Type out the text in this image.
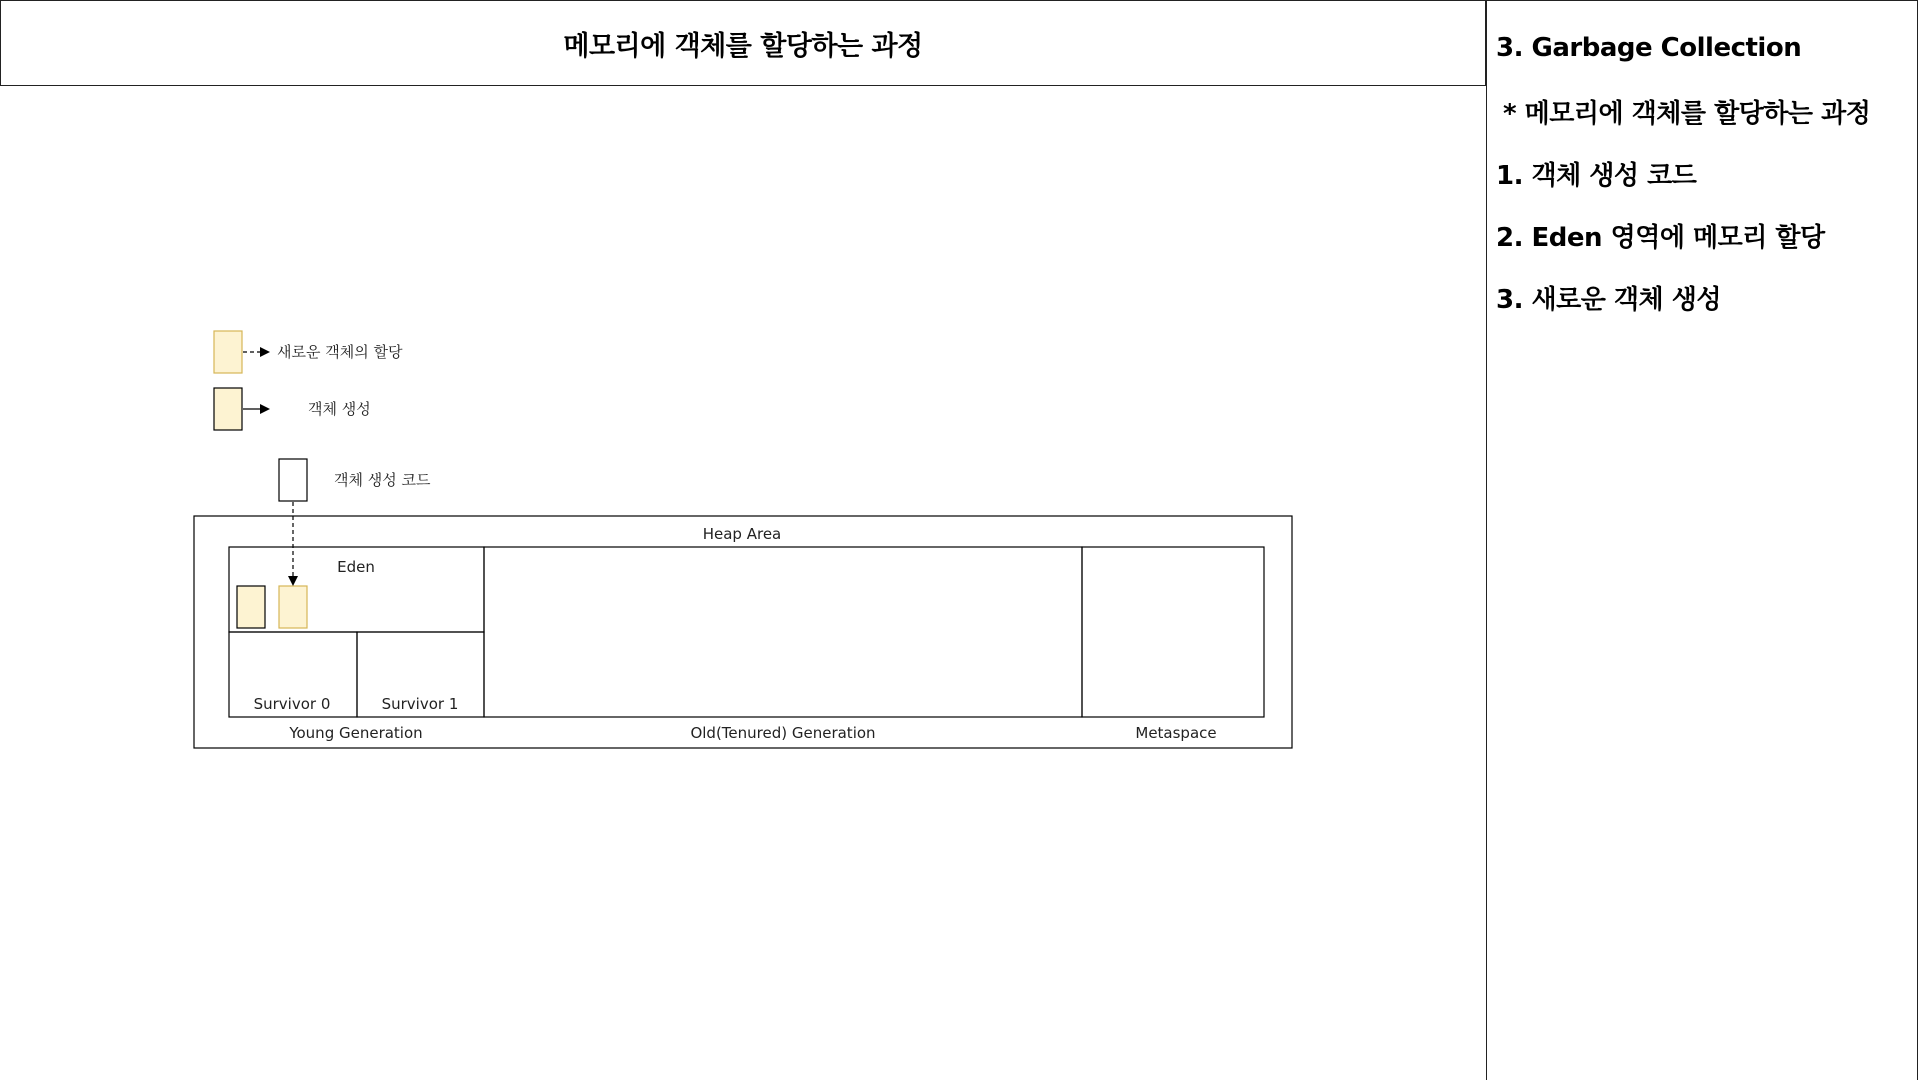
메모리에 객체를 할당하는 과정	3. Garbage Collection
* 메모리에 객체를 할당하는 과정
1. 객체 생성 코드
2. Eden 영역에 메모리 할당
3. 새로운 객체 생성
새로운 객체의 할당
객체 생성
객체 생성 코드
Heap Area
Eden
Survivor 0	Survivor 1
Young Generation	Old(Tenured) Generation	Metaspace
